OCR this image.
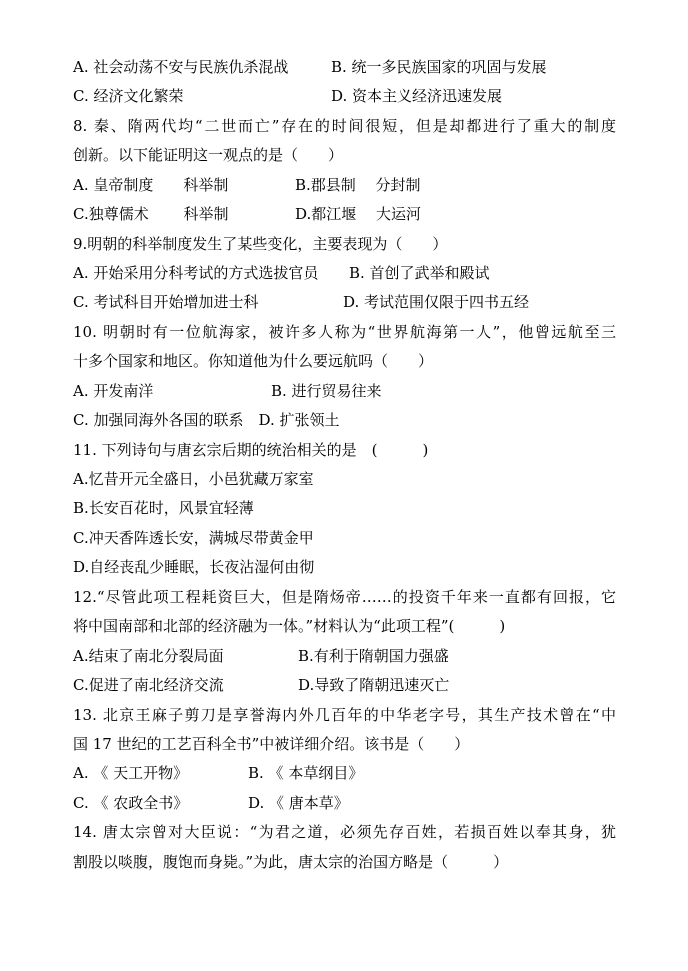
A. 社会动荡不安与民族仇杀混战	B. 统一多民族国家的巩固与发展
C. 经济文化繁荣	D. 资本主义经济迅速发展
8. 秦、隋两代均“二世而亡”存在的时间很短，但是却都进行了重大的制度
创新。以下能证明这一观点的是（　　）
A. 皇帝制度　　科举制	B.郡县制　 分封制
C.独尊儒术　　 科举制	D.都江堰　 大运河
9.明朝的科举制度发生了某些变化，主要表现为（　　）
A. 开始采用分科考试的方式选拔官员 B. 首创了武举和殿试
C. 考试科目开始增加进士科	D. 考试范围仅限于四书五经
10. 明朝时有一位航海家，被许多人称为“世界航海第一人”，他曾远航至三
十多个国家和地区。你知道他为什么要远航吗（　　）
A. 开发南洋	B. 进行贸易往来
C. 加强同海外各国的联系　D. 扩张领土
11. 下列诗句与唐玄宗后期的统治相关的是　(　　　)
A.忆昔开元全盛日，小邑犹藏万家室
B.长安百花时，风景宜轻薄
C.冲天香阵透长安，满城尽带黄金甲
D.自经丧乱少睡眠，长夜沾湿何由彻
12.“尽管此项工程耗资巨大，但是隋炀帝……的投资千年来一直都有回报，它
将中国南部和北部的经济融为一体。”材料认为“此项工程”(　　　)
A.结束了南北分裂局面	B.有利于隋朝国力强盛
C.促进了南北经济交流	D.导致了隋朝迅速灭亡
13. 北京王麻子剪刀是享誉海内外几百年的中华老字号，其生产技术曾在“中
国 17 世纪的工艺百科全书”中被详细介绍。该书是（　　）
A. 《 天工开物》	B. 《 本草纲目》
C. 《 农政全书》	D. 《 唐本草》
14. 唐太宗曾对大臣说：“为君之道，必须先存百姓，若损百姓以奉其身，犹
割股以啖腹，腹饱而身毙。”为此，唐太宗的治国方略是（　　　）
